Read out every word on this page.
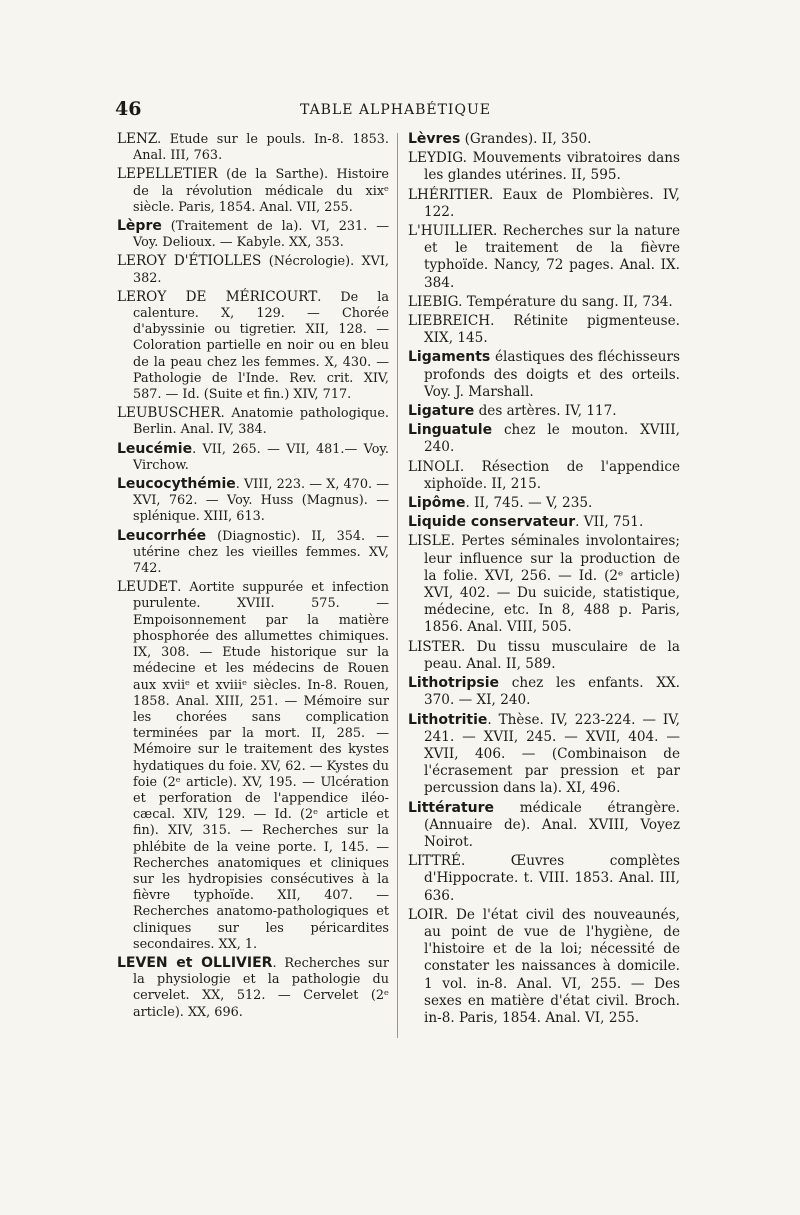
46	TABLE ALPHABÉTIQUE

LENZ. Etude sur le pouls. In-8. 1853. Anal. III, 763.

LEPELLETIER (de la Sarthe). Histoire de la révolution médicale du xixᵉ siècle. Paris, 1854. Anal. VII, 255.

Lèpre (Traitement de la). VI, 231. — Voy. Delioux. — Kabyle. XX, 353.

LEROY D'ÉTIOLLES (Nécrologie). XVI, 382.

LEROY DE MÉRICOURT. De la calenture. X, 129. — Chorée d'abyssinie ou tigretier. XII, 128. — Coloration partielle en noir ou en bleu de la peau chez les femmes. X, 430. — Pathologie de l'Inde. Rev. crit. XIV, 587. — Id. (Suite et fin.) XIV, 717.

LEUBUSCHER. Anatomie pathologique. Berlin. Anal. IV, 384.

Leucémie. VII, 265. — VII, 481.— Voy. Virchow.

Leucocythémie. VIII, 223. — X, 470. — XVI, 762. — Voy. Huss (Magnus). — splénique. XIII, 613.

Leucorrhée (Diagnostic). II, 354. — utérine chez les vieilles femmes. XV, 742.

LEUDET. Aortite suppurée et infection purulente. XVIII. 575. — Empoisonnement par la matière phosphorée des allumettes chimiques. IX, 308. — Etude historique sur la médecine et les médecins de Rouen aux xviiᵉ et xviiiᵉ siècles. In-8. Rouen, 1858. Anal. XIII, 251. — Mémoire sur les chorées sans complication terminées par la mort. II, 285. — Mémoire sur le traitement des kystes hydatiques du foie. XV, 62. — Kystes du foie (2ᵉ article). XV, 195. — Ulcération et perforation de l'appendice iléo-cæcal. XIV, 129. — Id. (2ᵉ article et fin). XIV, 315. — Recherches sur la phlébite de la veine porte. I, 145. — Recherches anatomiques et cliniques sur les hydropisies consécutives à la fièvre typhoïde. XII, 407. — Recherches anatomo-pathologiques et cliniques sur les péricardites secondaires. XX, 1.

LEVEN et OLLIVIER. Recherches sur la physiologie et la pathologie du cervelet. XX, 512. — Cervelet (2ᵉ article). XX, 696.

Lèvres (Grandes). II, 350.

LEYDIG. Mouvements vibratoires dans les glandes utérines. II, 595.

LHÉRITIER. Eaux de Plombières. IV, 122.

L'HUILLIER. Recherches sur la nature et le traitement de la fièvre typhoïde. Nancy, 72 pages. Anal. IX. 384.

LIEBIG. Température du sang. II, 734.

LIEBREICH. Rétinite pigmenteuse. XIX, 145.

Ligaments élastiques des fléchisseurs profonds des doigts et des orteils. Voy. J. Marshall.

Ligature des artères. IV, 117.

Linguatule chez le mouton. XVIII, 240.

LINOLI. Résection de l'appendice xiphoïde. II, 215.

Lipôme. II, 745. — V, 235.

Liquide conservateur. VII, 751.

LISLE. Pertes séminales involontaires; leur influence sur la production de la folie. XVI, 256. — Id. (2ᵉ article) XVI, 402. — Du suicide, statistique, médecine, etc. In 8, 488 p. Paris, 1856. Anal. VIII, 505.

LISTER. Du tissu musculaire de la peau. Anal. II, 589.

Lithotripsie chez les enfants. XX. 370. — XI, 240.

Lithotritie. Thèse. IV, 223-224. — IV, 241. — XVII, 245. — XVII, 404. — XVII, 406. — (Combinaison de l'écrasement par pression et par percussion dans la). XI, 496.

Littérature médicale étrangère. (Annuaire de). Anal. XVIII, Voyez Noirot.

LITTRÉ. Œuvres complètes d'Hippocrate. t. VIII. 1853. Anal. III, 636.

LOIR. De l'état civil des nouveaunés, au point de vue de l'hygiène, de l'histoire et de la loi; nécessité de constater les naissances à domicile. 1 vol. in-8. Anal. VI, 255. — Des sexes en matière d'état civil. Broch. in-8. Paris, 1854. Anal. VI, 255.
